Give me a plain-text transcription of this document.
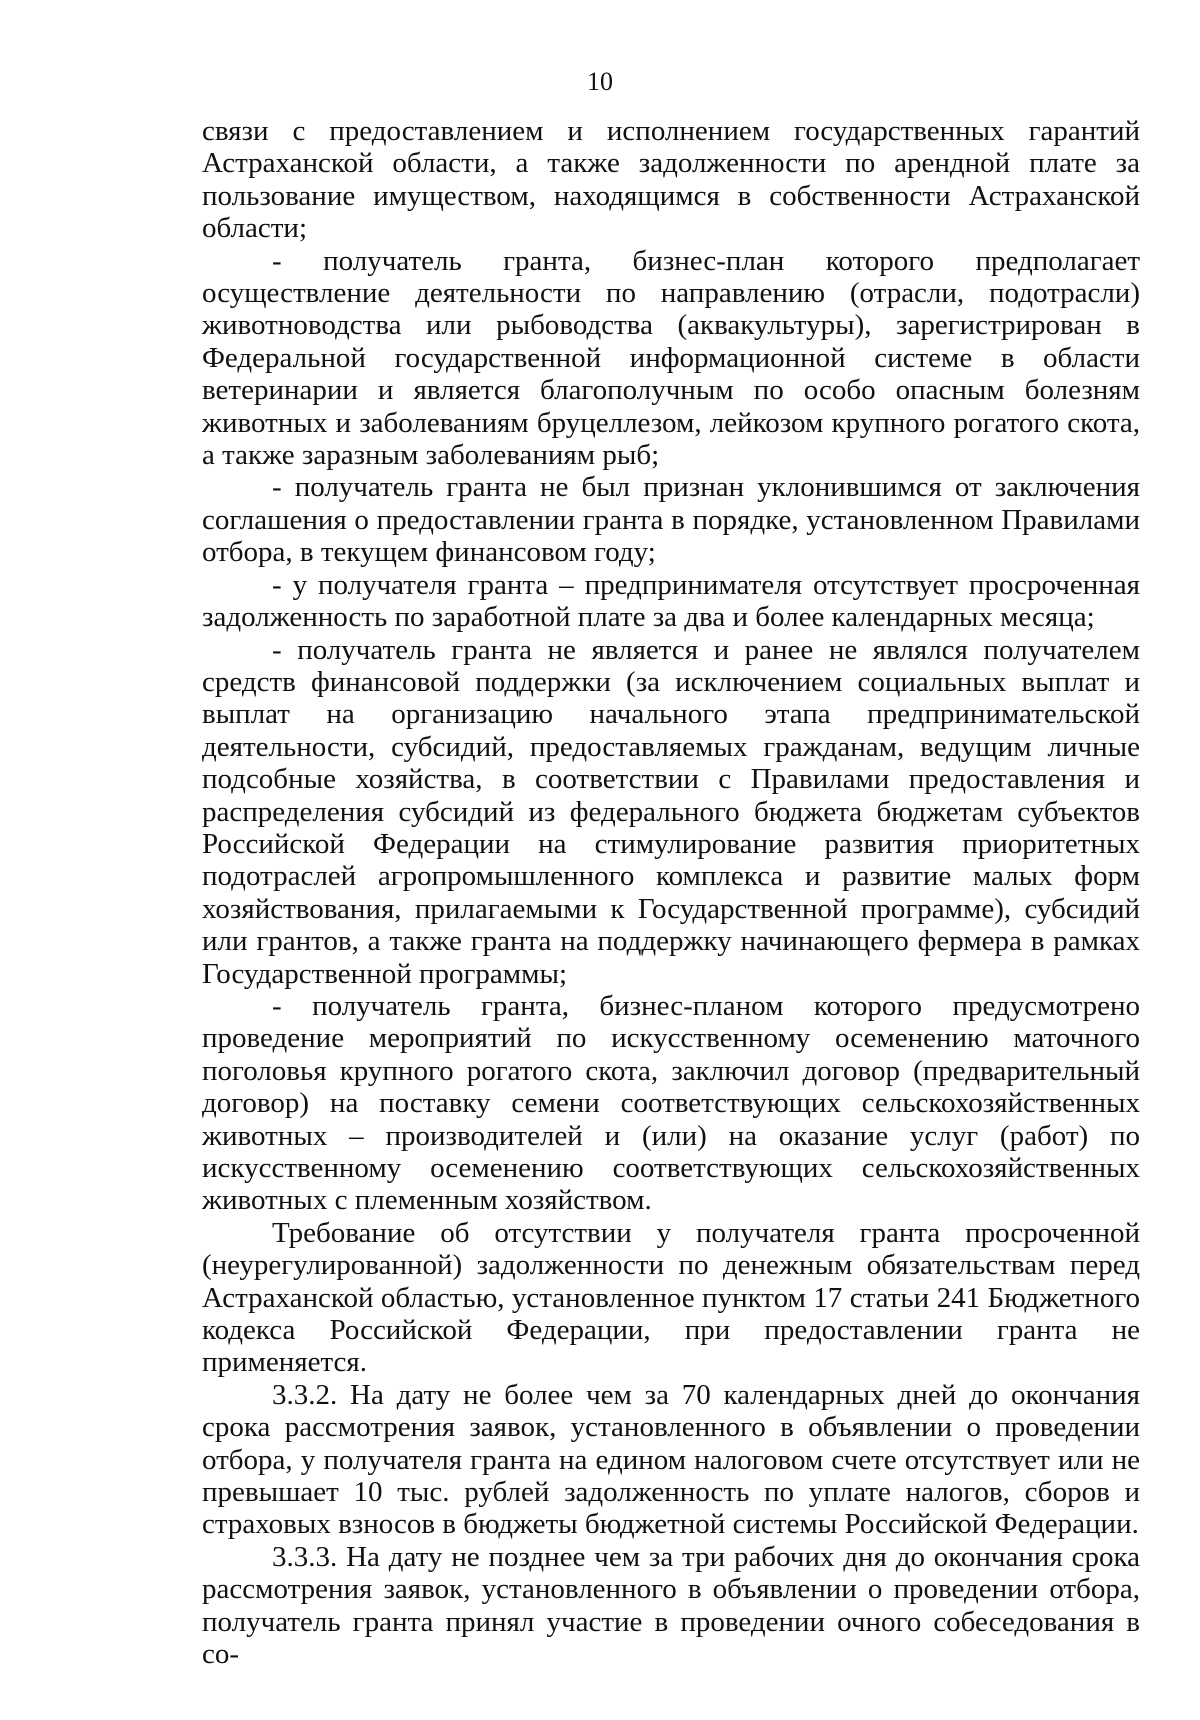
10

связи с предоставлением и исполнением государственных гарантий Астраханской области, а также задолженности по арендной плате за пользование имуществом, находящимся в собственности Астраханской области;

- получатель гранта, бизнес-план которого предполагает осуществление деятельности по направлению (отрасли, подотрасли) животноводства или рыбоводства (аквакультуры), зарегистрирован в Федеральной государственной информационной системе в области ветеринарии и является благополучным по особо опасным болезням животных и заболеваниям бруцеллезом, лейкозом крупного рогатого скота, а также заразным заболеваниям рыб;

- получатель гранта не был признан уклонившимся от заключения соглашения о предоставлении гранта в порядке, установленном Правилами отбора, в текущем финансовом году;

- у получателя гранта – предпринимателя отсутствует просроченная задолженность по заработной плате за два и более календарных месяца;

- получатель гранта не является и ранее не являлся получателем средств финансовой поддержки (за исключением социальных выплат и выплат на организацию начального этапа предпринимательской деятельности, субсидий, предоставляемых гражданам, ведущим личные подсобные хозяйства, в соответствии с Правилами предоставления и распределения субсидий из федерального бюджета бюджетам субъектов Российской Федерации на стимулирование развития приоритетных подотраслей агропромышленного комплекса и развитие малых форм хозяйствования, прилагаемыми к Государственной программе), субсидий или грантов, а также гранта на поддержку начинающего фермера в рамках Государственной программы;

- получатель гранта, бизнес-планом которого предусмотрено проведение мероприятий по искусственному осеменению маточного поголовья крупного рогатого скота, заключил договор (предварительный договор) на поставку семени соответствующих сельскохозяйственных животных – производителей и (или) на оказание услуг (работ) по искусственному осеменению соответствующих сельскохозяйственных животных с племенным хозяйством.

Требование об отсутствии у получателя гранта просроченной (неурегулированной) задолженности по денежным обязательствам перед Астраханской областью, установленное пунктом 17 статьи 241 Бюджетного кодекса Российской Федерации, при предоставлении гранта не применяется.

3.3.2. На дату не более чем за 70 календарных дней до окончания срока рассмотрения заявок, установленного в объявлении о проведении отбора, у получателя гранта на едином налоговом счете отсутствует или не превышает 10 тыс. рублей задолженность по уплате налогов, сборов и страховых взносов в бюджеты бюджетной системы Российской Федерации.

3.3.3. На дату не позднее чем за три рабочих дня до окончания срока рассмотрения заявок, установленного в объявлении о проведении отбора, получатель гранта принял участие в проведении очного собеседования в со-
